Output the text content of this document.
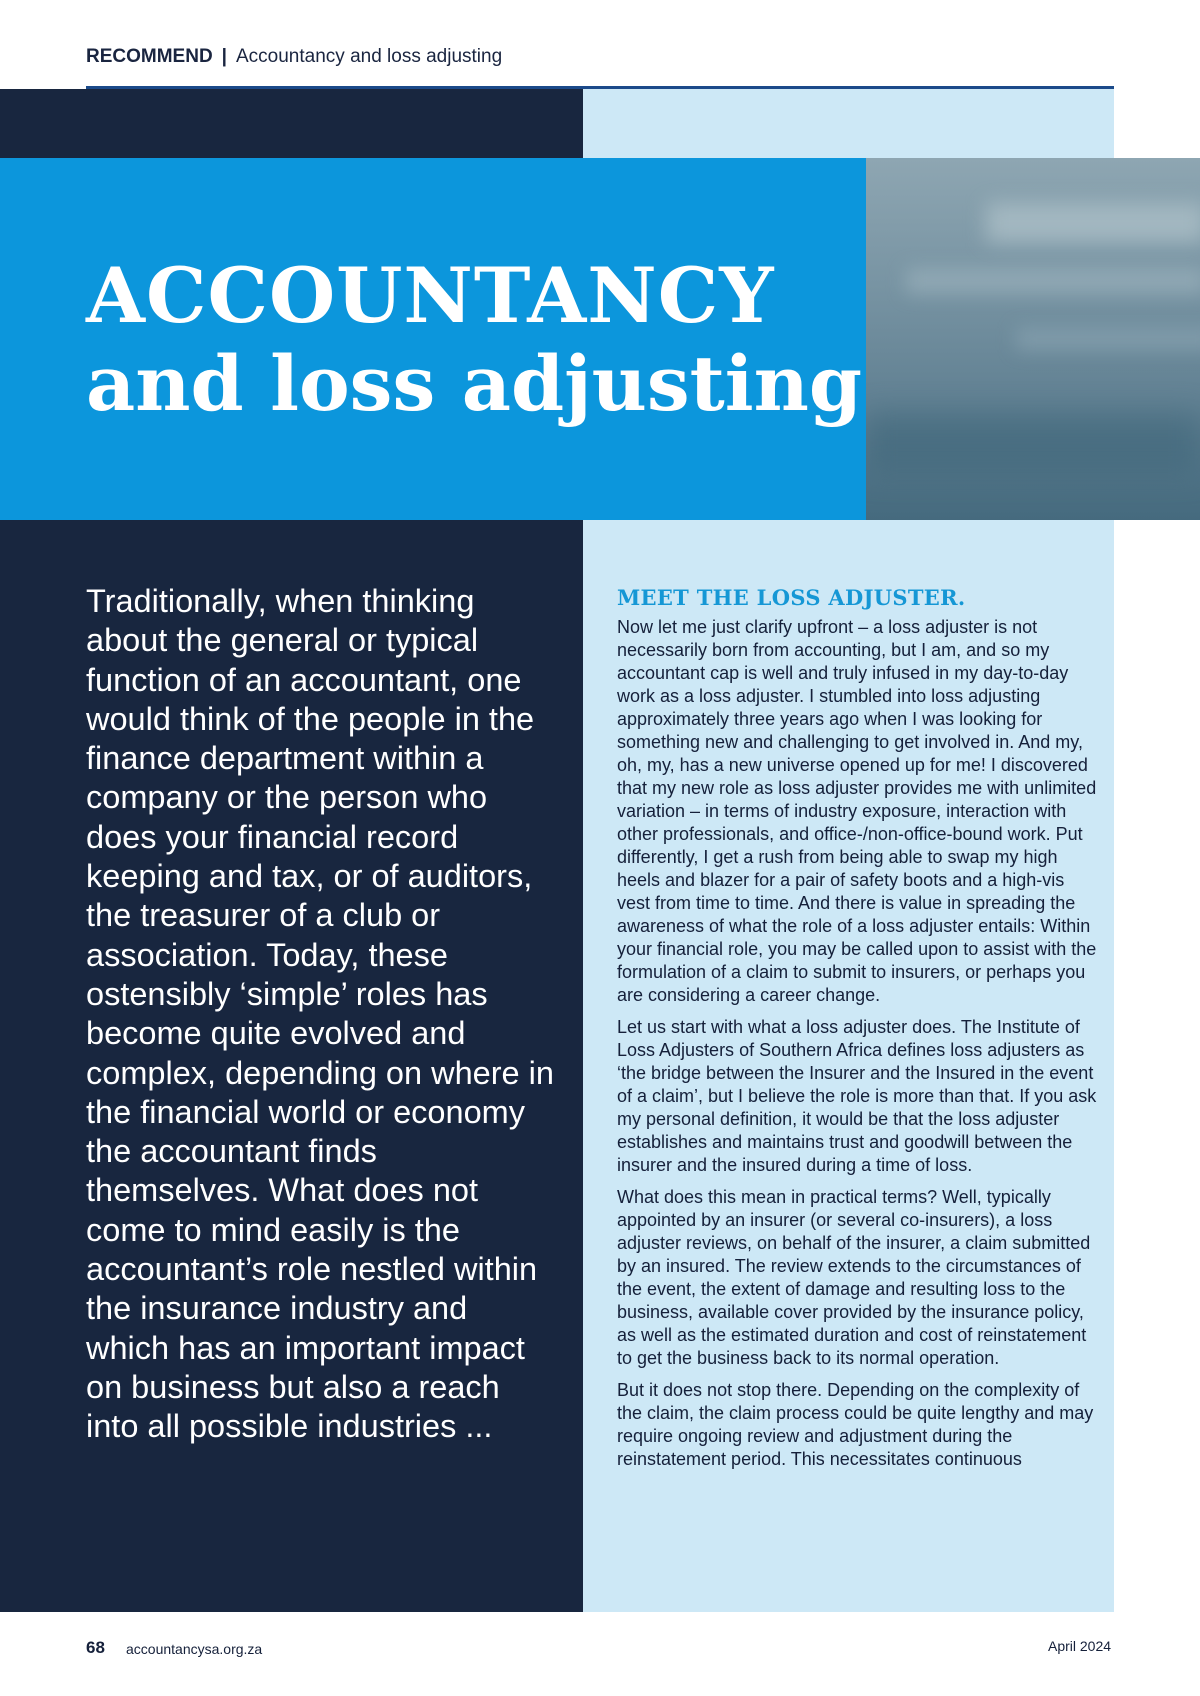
RECOMMEND | Accountancy and loss adjusting
ACCOUNTANCY
and loss adjusting

Traditionally, when thinking about the general or typical function of an accountant, one would think of the people in the finance department within a company or the person who does your financial record keeping and tax, or of auditors, the treasurer of a club or association. Today, these ostensibly ‘simple’ roles has become quite evolved and complex, depending on where in the financial world or economy the accountant finds themselves. What does not come to mind easily is the accountant’s role nestled within the insurance industry and which has an important impact on business but also a reach into all possible industries ...

MEET THE LOSS ADJUSTER.

Now let me just clarify upfront – a loss adjuster is not necessarily born from accounting, but I am, and so my accountant cap is well and truly infused in my day-to-day work as a loss adjuster. I stumbled into loss adjusting approximately three years ago when I was looking for something new and challenging to get involved in. And my, oh, my, has a new universe opened up for me! I discovered that my new role as loss adjuster provides me with unlimited variation – in terms of industry exposure, interaction with other professionals, and office-/non-office-bound work. Put differently, I get a rush from being able to swap my high heels and blazer for a pair of safety boots and a high-vis vest from time to time. And there is value in spreading the awareness of what the role of a loss adjuster entails: Within your financial role, you may be called upon to assist with the formulation of a claim to submit to insurers, or perhaps you are considering a career change.

Let us start with what a loss adjuster does. The Institute of Loss Adjusters of Southern Africa defines loss adjusters as ‘the bridge between the Insurer and the Insured in the event of a claim’, but I believe the role is more than that. If you ask my personal definition, it would be that the loss adjuster establishes and maintains trust and goodwill between the insurer and the insured during a time of loss.

What does this mean in practical terms? Well, typically appointed by an insurer (or several co-insurers), a loss adjuster reviews, on behalf of the insurer, a claim submitted by an insured. The review extends to the circumstances of the event, the extent of damage and resulting loss to the business, available cover provided by the insurance policy, as well as the estimated duration and cost of reinstatement to get the business back to its normal operation.

But it does not stop there. Depending on the complexity of the claim, the claim process could be quite lengthy and may require ongoing review and adjustment during the reinstatement period. This necessitates continuous

68 accountancysa.org.za	April 2024
